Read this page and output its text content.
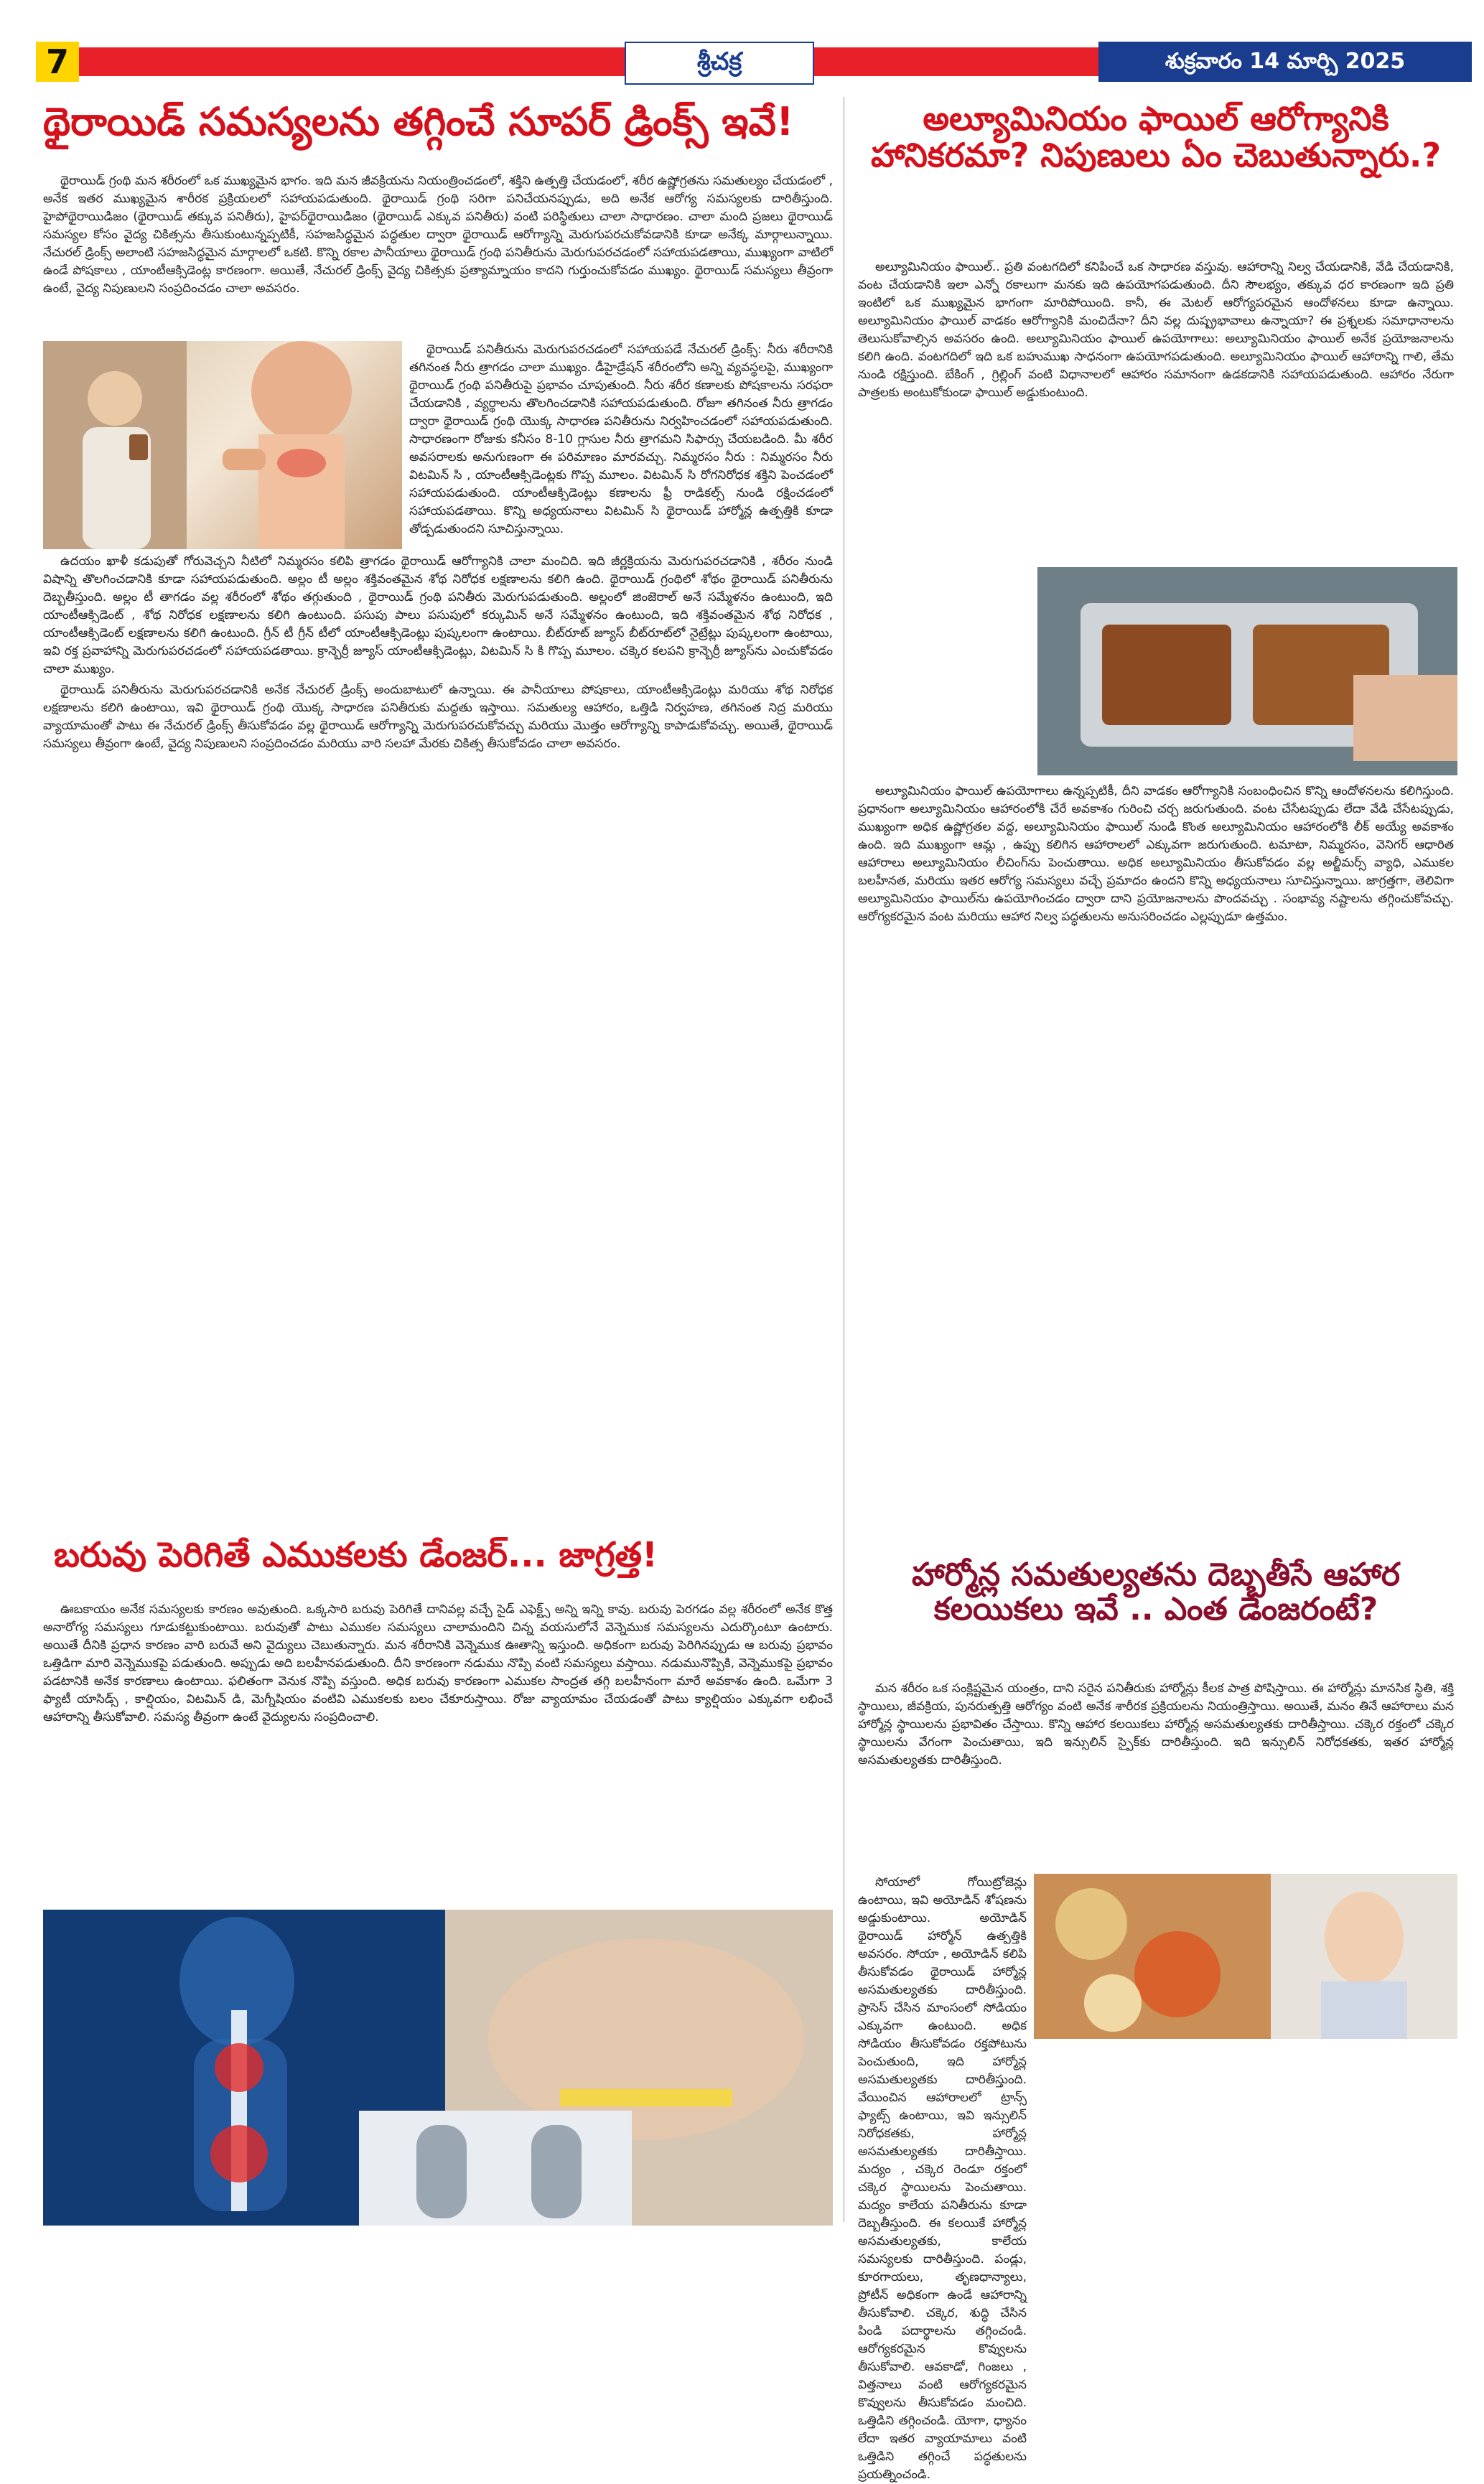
7	శ్రీచక్ర	శుక్రవారం 14 మార్చి 2025
థైరాయిడ్ సమస్యలను తగ్గించే సూపర్ డ్రింక్స్ ఇవే!

థైరాయిడ్ గ్రంథి మన శరీరంలో ఒక ముఖ్యమైన భాగం. ఇది మన జీవక్రియను నియంత్రించడంలో, శక్తిని ఉత్పత్తి చేయడంలో, శరీర ఉష్ణోగ్రతను సమతుల్యం చేయడంలో , అనేక ఇతర ముఖ్యమైన శారీరక ప్రక్రియలలో సహాయపడుతుంది. థైరాయిడ్ గ్రంథి సరిగా పనిచేయనప్పుడు, అది అనేక ఆరోగ్య సమస్యలకు దారితీస్తుంది. హైపోథైరాయిడిజం (థైరాయిడ్ తక్కువ పనితీరు), హైపర్‌థైరాయిడిజం (థైరాయిడ్ ఎక్కువ పనితీరు) వంటి పరిస్థితులు చాలా సాధారణం. చాలా మంది ప్రజలు థైరాయిడ్ సమస్యల కోసం వైద్య చికిత్సను తీసుకుంటున్నప్పటికీ, సహజసిద్ధమైన పద్ధతుల ద్వారా థైరాయిడ్ ఆరోగ్యాన్ని మెరుగుపరచుకోవడానికి కూడా అనేక్క మార్గాలున్నాయి. నేచురల్ డ్రింక్స్ అలాంటి సహజసిద్ధమైన మార్గాలలో ఒకటి. కొన్ని రకాల పానీయాలు థైరాయిడ్ గ్రంథి పనితీరును మెరుగుపరచడంలో సహాయపడతాయి, ముఖ్యంగా వాటిలో ఉండే పోషకాలు , యాంటీఆక్సిడెంట్ల కారణంగా. అయితే, నేచురల్ డ్రింక్స్ వైద్య చికిత్సకు ప్రత్యామ్నాయం కాదని గుర్తుంచుకోవడం ముఖ్యం. థైరాయిడ్ సమస్యలు తీవ్రంగా ఉంటే, వైద్య నిపుణులని సంప్రదించడం చాలా అవసరం.

థైరాయిడ్ పనితీరును మెరుగుపరచడంలో సహాయపడే నేచురల్ డ్రింక్స్: నీరు శరీరానికి తగినంత నీరు త్రాగడం చాలా ముఖ్యం. డీహైడ్రేషన్ శరీరంలోని అన్ని వ్యవస్థలపై, ముఖ్యంగా థైరాయిడ్ గ్రంథి పనితీరుపై ప్రభావం చూపుతుంది. నీరు శరీర కణాలకు పోషకాలను సరఫరా చేయడానికి , వ్యర్థాలను తొలగించడానికి సహాయపడుతుంది. రోజూ తగినంత నీరు త్రాగడం ద్వారా థైరాయిడ్ గ్రంథి యొక్క సాధారణ పనితీరును నిర్వహించడంలో సహాయపడుతుంది. సాధారణంగా రోజుకు కనీసం 8-10 గ్లాసుల నీరు త్రాగమని సిఫార్సు చేయబడింది. మీ శరీర అవసరాలకు అనుగుణంగా ఈ పరిమాణం మారవచ్చు. నిమ్మరసం నీరు : నిమ్మరసం నీరు విటమిన్ సి , యాంటీఆక్సిడెంట్లకు గొప్ప మూలం. విటమిన్ సి రోగనిరోధక శక్తిని పెంచడంలో సహాయపడుతుంది. యాంటీఆక్సిడెంట్లు కణాలను ఫ్రీ రాడికల్స్ నుండి రక్షించడంలో సహాయపడతాయి. కొన్ని అధ్యయనాలు విటమిన్ సి థైరాయిడ్ హార్మోన్ల ఉత్పత్తికి కూడా తోడ్పడుతుందని సూచిస్తున్నాయి.

ఉదయం ఖాళీ కడుపుతో గోరువెచ్చని నీటిలో నిమ్మరసం కలిపి త్రాగడం థైరాయిడ్ ఆరోగ్యానికి చాలా మంచిది. ఇది జీర్ణక్రియను మెరుగుపరచడానికి , శరీరం నుండి విషాన్ని తొలగించడానికి కూడా సహాయపడుతుంది. అల్లం టీ అల్లం శక్తివంతమైన శోథ నిరోధక లక్షణాలను కలిగి ఉంది. థైరాయిడ్ గ్రంథిలో శోథం థైరాయిడ్ పనితీరును దెబ్బతీస్తుంది. అల్లం టీ తాగడం వల్ల శరీరంలో శోథం తగ్గుతుంది , థైరాయిడ్ గ్రంథి పనితీరు మెరుగుపడుతుంది. అల్లంలో జింజెరాల్ అనే సమ్మేళనం ఉంటుంది, ఇది యాంటీఆక్సిడెంట్ , శోథ నిరోధక లక్షణాలను కలిగి ఉంటుంది. పసుపు పాలు పసుపులో కర్కుమిన్ అనే సమ్మేళనం ఉంటుంది, ఇది శక్తివంతమైన శోథ నిరోధక , యాంటీఆక్సిడెంట్ లక్షణాలను కలిగి ఉంటుంది. గ్రీన్ టీ గ్రీన్ టీలో యాంటీఆక్సిడెంట్లు పుష్కలంగా ఉంటాయి. బీట్‌రూట్ జ్యూస్ బీట్‌రూట్‌లో నైట్రేట్లు పుష్కలంగా ఉంటాయి, ఇవి రక్త ప్రవాహాన్ని మెరుగుపరచడంలో సహాయపడతాయి. క్రాన్బెర్రీ జ్యూస్ యాంటీఆక్సిడెంట్లు, విటమిన్ సి కి గొప్ప మూలం. చక్కెర కలపని క్రాన్బెర్రీ జ్యూస్‌ను ఎంచుకోవడం చాలా ముఖ్యం.

థైరాయిడ్ పనితీరును మెరుగుపరచడానికి అనేక నేచురల్ డ్రింక్స్ అందుబాటులో ఉన్నాయి. ఈ పానీయాలు పోషకాలు, యాంటీఆక్సిడెంట్లు మరియు శోథ నిరోధక లక్షణాలను కలిగి ఉంటాయి, ఇవి థైరాయిడ్ గ్రంథి యొక్క సాధారణ పనితీరుకు మద్దతు ఇస్తాయి. సమతుల్య ఆహారం, ఒత్తిడి నిర్వహణ, తగినంత నిద్ర మరియు వ్యాయామంతో పాటు ఈ నేచురల్ డ్రింక్స్ తీసుకోవడం వల్ల థైరాయిడ్ ఆరోగ్యాన్ని మెరుగుపరచుకోవచ్చు మరియు మొత్తం ఆరోగ్యాన్ని కాపాడుకోవచ్చు. అయితే, థైరాయిడ్ సమస్యలు తీవ్రంగా ఉంటే, వైద్య నిపుణులని సంప్రదించడం మరియు వారి సలహా మేరకు చికిత్స తీసుకోవడం చాలా అవసరం.

బరువు పెరిగితే ఎముకలకు డేంజర్... జాగ్రత్త!

ఊబకాయం అనేక సమస్యలకు కారణం అవుతుంది. ఒక్కసారి బరువు పెరిగితే దానివల్ల వచ్చే సైడ్ ఎఫెక్ట్స్ అన్ని ఇన్ని కావు. బరువు పెరగడం వల్ల శరీరంలో అనేక కొత్త అనారోగ్య సమస్యలు గూడుకట్టుకుంటాయి. బరువుతో పాటు ఎముకల సమస్యలు చాలామందిని చిన్న వయసులోనే వెన్నెముక సమస్యలను ఎదుర్కొంటూ ఉంటారు. అయితే దీనికి ప్రధాన కారణం వారి బరువే అని వైద్యులు చెబుతున్నారు. మన శరీరానికి వెన్నెముక ఊతాన్ని ఇస్తుంది. అధికంగా బరువు పెరిగినప్పుడు ఆ బరువు ప్రభావం ఒత్తిడిగా మారి వెన్నెముకపై పడుతుంది. అప్పుడు అది బలహీనపడుతుంది. దీని కారణంగా నడుము నొప్పి వంటి సమస్యలు వస్తాయి. నడుమునొప్పికి, వెన్నెముకపై ప్రభావం పడటానికి అనేక కారణాలు ఉంటాయి. ఫలితంగా వెనుక నొప్పి వస్తుంది. అధిక బరువు కారణంగా ఎముకల సాంద్రత తగ్గి బలహీనంగా మారే అవకాశం ఉంది. ఒమేగా 3 ఫ్యాటీ యాసిడ్స్ , కాల్షియం, విటమిన్ డి, మెగ్నీషియం వంటివి ఎముకలకు బలం చేకూరుస్తాయి. రోజు వ్యాయామం చేయడంతో పాటు క్యాల్షియం ఎక్కువగా లభించే ఆహారాన్ని తీసుకోవాలి. సమస్య తీవ్రంగా ఉంటే వైద్యులను సంప్రదించాలి.

అల్యూమినియం ఫాయిల్ ఆరోగ్యానికి హానికరమా? నిపుణులు ఏం చెబుతున్నారు.?

అల్యూమినియం ఫాయిల్.. ప్రతి వంటగదిలో కనిపించే ఒక సాధారణ వస్తువు. ఆహారాన్ని నిల్వ చేయడానికి, వేడి చేయడానికి, వంట చేయడానికి ఇలా ఎన్నో రకాలుగా మనకు ఇది ఉపయోగపడుతుంది. దీని సౌలభ్యం, తక్కువ ధర కారణంగా ఇది ప్రతి ఇంటిలో ఒక ముఖ్యమైన భాగంగా మారిపోయింది. కానీ, ఈ మెటల్ ఆరోగ్యపరమైన ఆందోళనలు కూడా ఉన్నాయి. అల్యూమినియం ఫాయిల్ వాడకం ఆరోగ్యానికి మంచిదేనా? దీని వల్ల దుష్ప్రభావాలు ఉన్నాయా? ఈ ప్రశ్నలకు సమాధానాలను తెలుసుకోవాల్సిన అవసరం ఉంది. అల్యూమినియం ఫాయిల్ ఉపయోగాలు: అల్యూమినియం ఫాయిల్ అనేక ప్రయోజనాలను కలిగి ఉంది. వంటగదిలో ఇది ఒక బహుముఖ సాధనంగా ఉపయోగపడుతుంది. అల్యూమినియం ఫాయిల్ ఆహారాన్ని గాలి, తేమ నుండి రక్షిస్తుంది. బేకింగ్ , గ్రిల్లింగ్ వంటి విధానాలలో ఆహారం సమానంగా ఉడకడానికి సహాయపడుతుంది. ఆహారం నేరుగా పాత్రలకు అంటుకోకుండా ఫాయిల్ అడ్డుకుంటుంది.

అల్యూమినియం ఫాయిల్ ఉపయోగాలు ఉన్నప్పటికీ, దీని వాడకం ఆరోగ్యానికి సంబంధించిన కొన్ని ఆందోళనలను కలిగిస్తుంది. ప్రధానంగా అల్యూమినియం ఆహారంలోకి చేరే అవకాశం గురించి చర్చ జరుగుతుంది. వంట చేసేటప్పుడు లేదా వేడి చేసేటప్పుడు, ముఖ్యంగా అధిక ఉష్ణోగ్రతల వద్ద, అల్యూమినియం ఫాయిల్ నుండి కొంత అల్యూమినియం ఆహారంలోకి లీక్ అయ్యే అవకాశం ఉంది. ఇది ముఖ్యంగా ఆమ్ల , ఉప్పు కలిగిన ఆహారాలలో ఎక్కువగా జరుగుతుంది. టమాటా, నిమ్మరసం, వెనిగర్ ఆధారిత ఆహారాలు అల్యూమినియం లీచింగ్‌ను పెంచుతాయి. అధిక అల్యూమినియం తీసుకోవడం వల్ల అల్జీమర్స్ వ్యాధి, ఎముకల బలహీనత, మరియు ఇతర ఆరోగ్య సమస్యలు వచ్చే ప్రమాదం ఉందని కొన్ని అధ్యయనాలు సూచిస్తున్నాయి. జాగ్రత్తగా, తెలివిగా అల్యూమినియం ఫాయిల్‌ను ఉపయోగించడం ద్వారా దాని ప్రయోజనాలను పొందవచ్చు . సంభావ్య నష్టాలను తగ్గించుకోవచ్చు. ఆరోగ్యకరమైన వంట మరియు ఆహార నిల్వ పద్ధతులను అనుసరించడం ఎల్లప్పుడూ ఉత్తమం.

హార్మోన్ల సమతుల్యతను దెబ్బతీసే ఆహార కలయికలు ఇవే .. ఎంత డేంజరంటే?

మన శరీరం ఒక సంక్లిష్టమైన యంత్రం, దాని సరైన పనితీరుకు హార్మోన్లు కీలక పాత్ర పోషిస్తాయి. ఈ హార్మోన్లు మానసిక స్థితి, శక్తి స్థాయిలు, జీవక్రియ, పునరుత్పత్తి ఆరోగ్యం వంటి అనేక శారీరక ప్రక్రియలను నియంత్రిస్తాయి. అయితే, మనం తినే ఆహారాలు మన హార్మోన్ల స్థాయిలను ప్రభావితం చేస్తాయి. కొన్ని ఆహార కలయికలు హార్మోన్ల అసమతుల్యతకు దారితీస్తాయి. చక్కెర రక్తంలో చక్కెర స్థాయిలను వేగంగా పెంచుతాయి, ఇది ఇన్సులిన్ స్పైక్‌కు దారితీస్తుంది. ఇది ఇన్సులిన్ నిరోధకతకు, ఇతర హార్మోన్ల అసమతుల్యతకు దారితీస్తుంది.

సోయాలో గోయిట్రోజెన్లు ఉంటాయి, ఇవి అయోడిన్ శోషణను అడ్డుకుంటాయి. అయోడిన్ థైరాయిడ్ హార్మోన్ ఉత్పత్తికి అవసరం. సోయా , అయోడిన్ కలిపి తీసుకోవడం థైరాయిడ్ హార్మోన్ల అసమతుల్యతకు దారితీస్తుంది. ప్రాసెస్ చేసిన మాంసంలో సోడియం ఎక్కువగా ఉంటుంది. అధిక సోడియం తీసుకోవడం రక్తపోటును పెంచుతుంది, ఇది హార్మోన్ల అసమతుల్యతకు దారితీస్తుంది. వేయించిన ఆహారాలలో ట్రాన్స్ ఫ్యాట్స్ ఉంటాయి, ఇవి ఇన్సులిన్ నిరోధకతకు, హార్మోన్ల అసమతుల్యతకు దారితీస్తాయి. మద్యం , చక్కెర రెండూ రక్తంలో చక్కెర స్థాయిలను పెంచుతాయి. మద్యం కాలేయ పనితీరును కూడా దెబ్బతీస్తుంది. ఈ కలయికే హార్మోన్ల అసమతుల్యతకు, కాలేయ సమస్యలకు దారితీస్తుంది. పండ్లు, కూరగాయలు, తృణధాన్యాలు, ప్రోటీన్ అధికంగా ఉండే ఆహారాన్ని తీసుకోవాలి. చక్కెర, శుద్ధి చేసిన పిండి పదార్థాలను తగ్గించండి. ఆరోగ్యకరమైన కొవ్వులను తీసుకోవాలి. ఆవకాడో, గింజలు , విత్తనాలు వంటి ఆరోగ్యకరమైన కొవ్వులను తీసుకోవడం మంచిది. ఒత్తిడిని తగ్గించండి. యోగా, ధ్యానం లేదా ఇతర వ్యాయామాలు వంటి ఒత్తిడిని తగ్గించే పద్ధతులను ప్రయత్నించండి.
